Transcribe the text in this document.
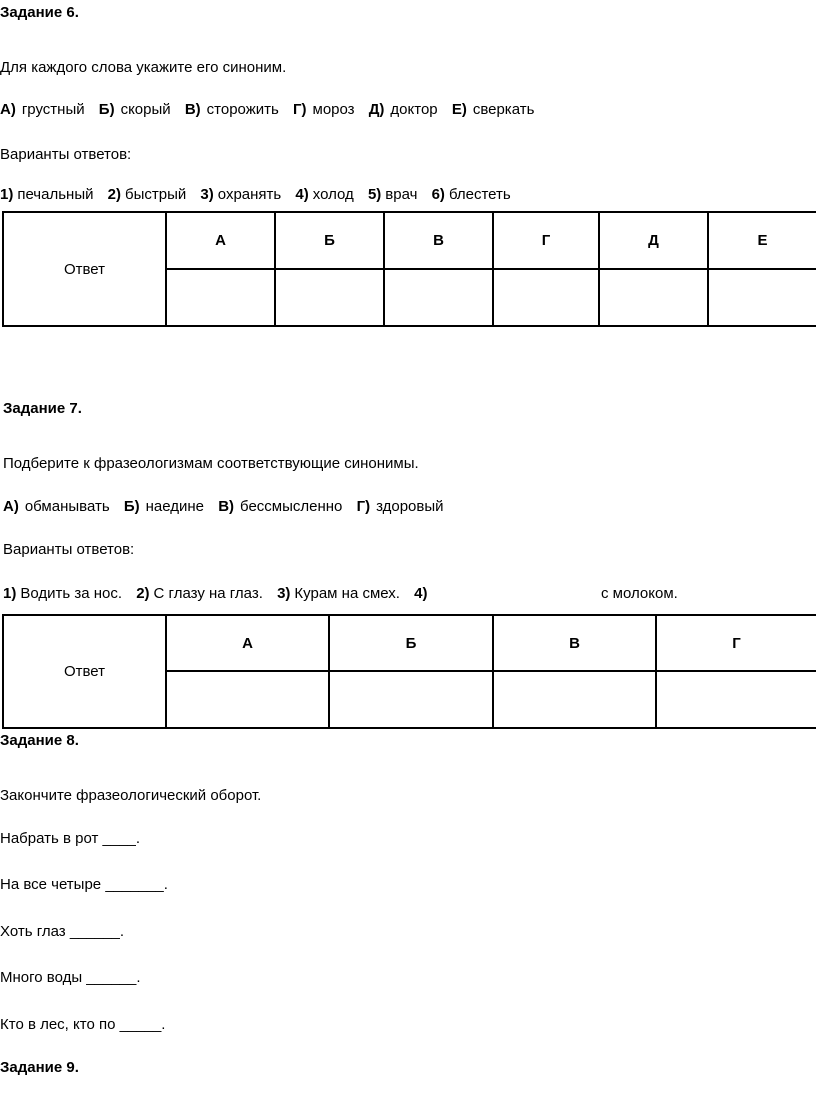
Задание 6.
Для каждого слова укажите его синоним.
А) грустный Б) скорый В) сторожить Г) мороз Д) доктор Е) сверкать
Варианты ответов:
1) печальный 2) быстрый 3) охранять 4) холод 5) врач 6) блестеть
Ответ	А	Б	В	Г	Д	Е

Задание 7.
Подберите к фразеологизмам соответствующие синонимы.
А) обманывать Б) наедине В) бессмысленно Г) здоровый
Варианты ответов:
1) Водить за нос. 2) С глазу на глаз. 3) Курам на смех. 4)	с молоком.
Ответ	А	Б	В	Г

Задание 8.
Закончите фразеологический оборот.
Набрать в рот ____.
На все четыре _______.
Хоть глаз ______.
Много воды ______.
Кто в лес, кто по _____.
Задание 9.
